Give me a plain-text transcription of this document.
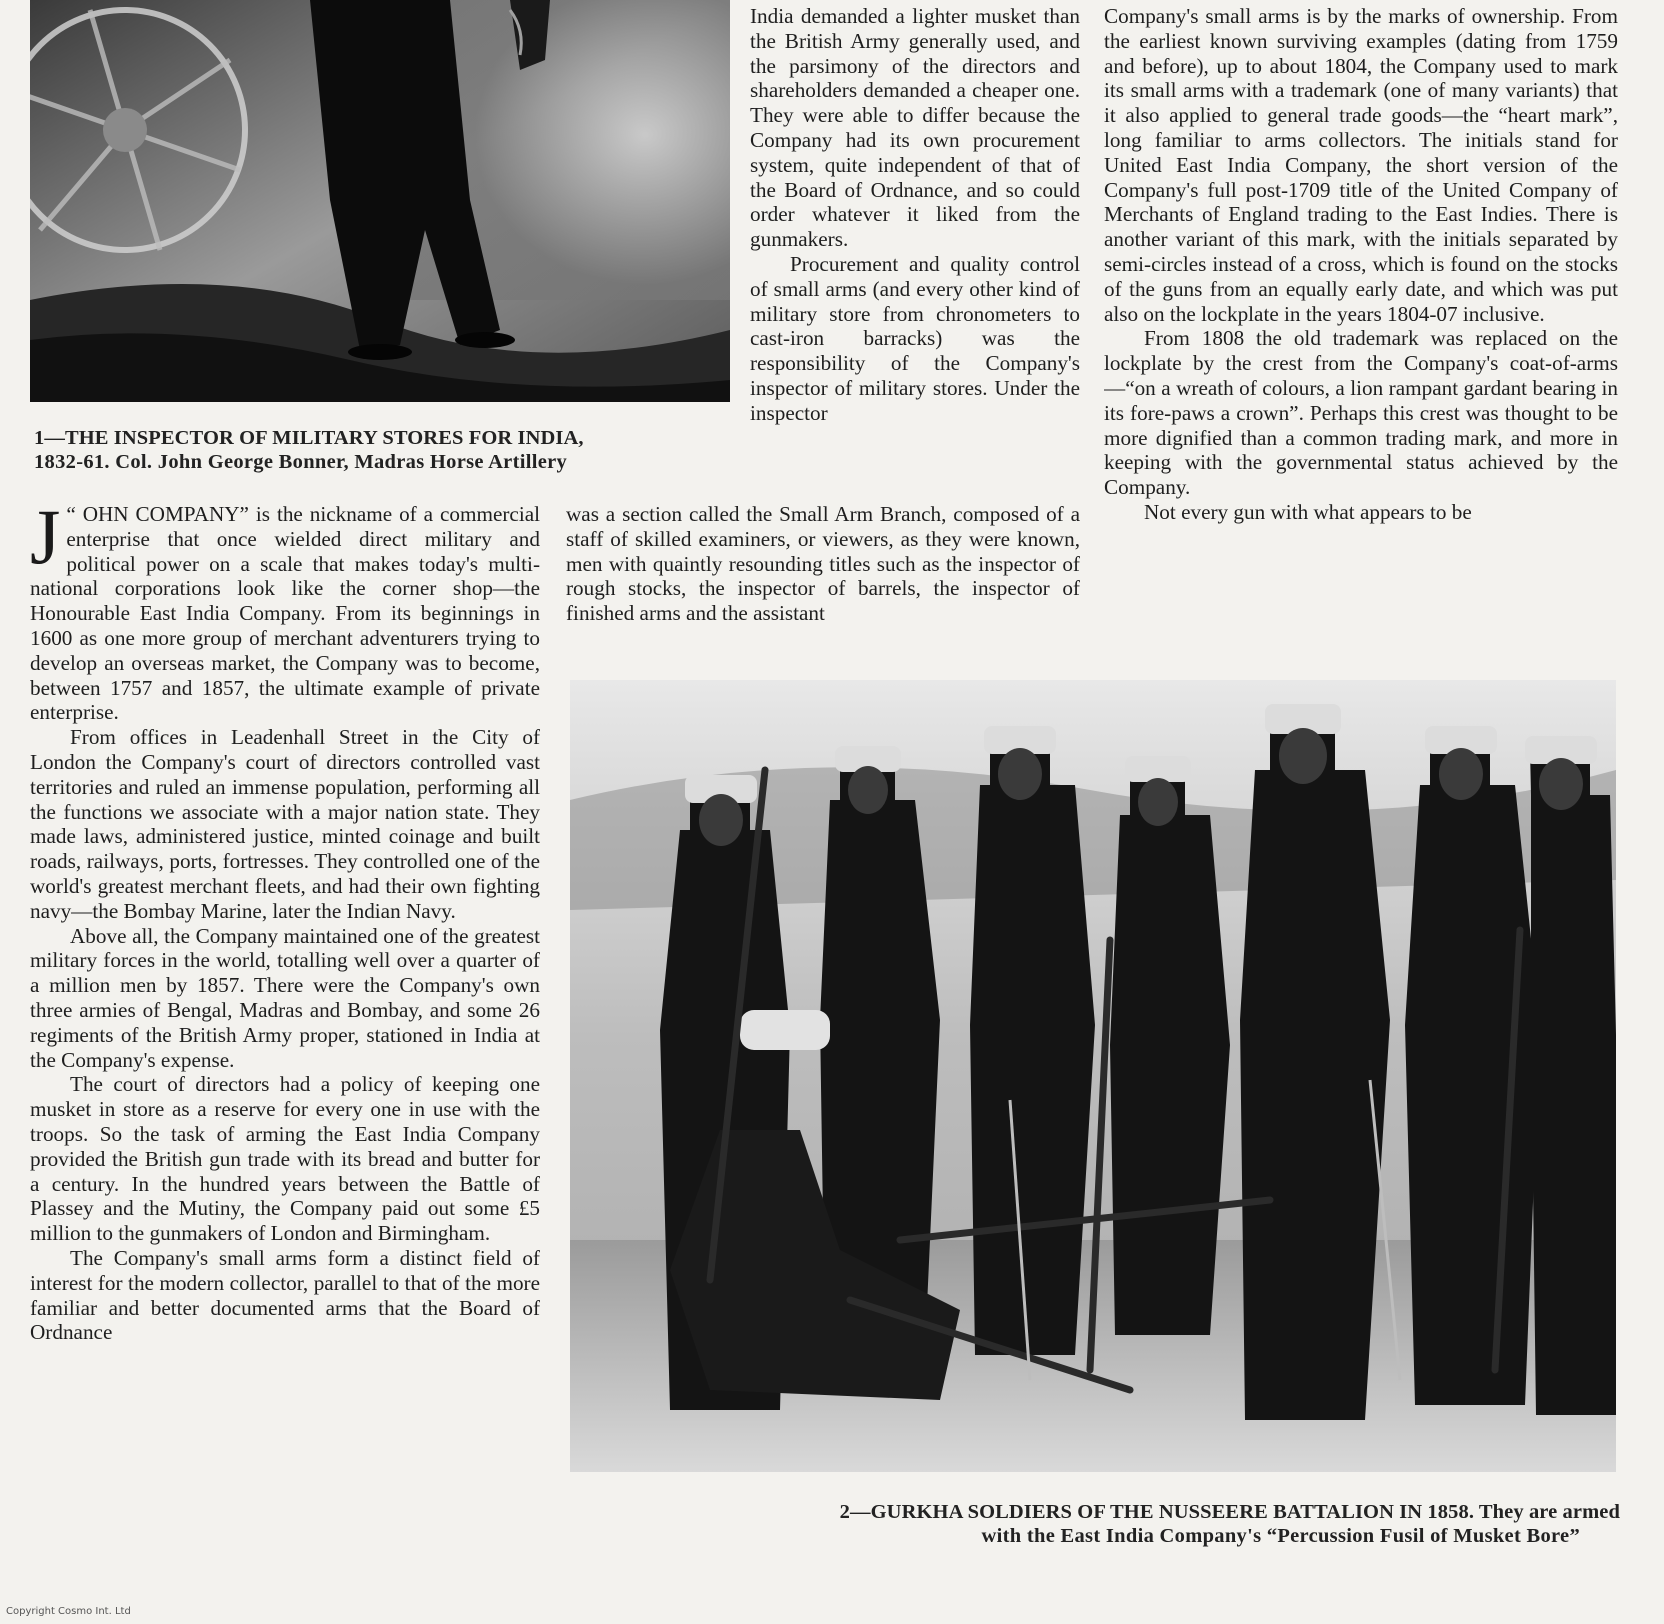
1—THE INSPECTOR OF MILITARY STORES FOR INDIA,
1832-61. Col. John George Bonner, Madras Horse Artillery

J “ OHN COMPANY” is the nickname of a commercial enterprise that once wielded direct military and political power on a scale that makes today's multi-national corporations look like the corner shop—the Honourable East India Company. From its beginnings in 1600 as one more group of merchant adventurers trying to develop an overseas market, the Company was to become, between 1757 and 1857, the ultimate example of private enterprise.

From offices in Leadenhall Street in the City of London the Company's court of directors controlled vast territories and ruled an immense population, performing all the functions we associate with a major nation state. They made laws, administered justice, minted coinage and built roads, railways, ports, fortresses. They controlled one of the world's greatest merchant fleets, and had their own fighting navy—the Bombay Marine, later the Indian Navy.

Above all, the Company maintained one of the greatest military forces in the world, totalling well over a quarter of a million men by 1857. There were the Company's own three armies of Bengal, Madras and Bombay, and some 26 regiments of the British Army proper, stationed in India at the Company's expense.

The court of directors had a policy of keeping one musket in store as a reserve for every one in use with the troops. So the task of arming the East India Company provided the British gun trade with its bread and butter for a century. In the hundred years between the Battle of Plassey and the Mutiny, the Company paid out some £5 million to the gunmakers of London and Birmingham.

The Company's small arms form a distinct field of interest for the modern collector, parallel to that of the more familiar and better documented arms that the Board of Ordnance

India demanded a lighter musket than the British Army generally used, and the parsimony of the directors and shareholders demanded a cheaper one. They were able to differ because the Company had its own procurement system, quite independent of that of the Board of Ordnance, and so could order whatever it liked from the gunmakers.

Procurement and quality control of small arms (and every other kind of military store from chronometers to cast-iron barracks) was the responsibility of the Company's inspector of military stores. Under the inspector

was a section called the Small Arm Branch, composed of a staff of skilled examiners, or viewers, as they were known, men with quaintly resounding titles such as the inspector of rough stocks, the inspector of barrels, the inspector of finished arms and the assistant

Company's small arms is by the marks of ownership. From the earliest known surviving examples (dating from 1759 and before), up to about 1804, the Company used to mark its small arms with a trademark (one of many variants) that it also applied to general trade goods—the “heart mark”, long familiar to arms collectors. The initials stand for United East India Company, the short version of the Company's full post-1709 title of the United Company of Merchants of England trading to the East Indies. There is another variant of this mark, with the initials separated by semi-circles instead of a cross, which is found on the stocks of the guns from an equally early date, and which was put also on the lockplate in the years 1804-07 inclusive.

From 1808 the old trademark was replaced on the lockplate by the crest from the Company's coat-of-arms—“on a wreath of colours, a lion rampant gardant bearing in its fore-paws a crown”. Perhaps this crest was thought to be more dignified than a common trading mark, and more in keeping with the governmental status achieved by the Company.

Not every gun with what appears to be

2—GURKHA SOLDIERS OF THE NUSSEERE BATTALION IN 1858. They are armed
with the East India Company's “Percussion Fusil of Musket Bore”
Copyright Cosmo Int. Ltd
